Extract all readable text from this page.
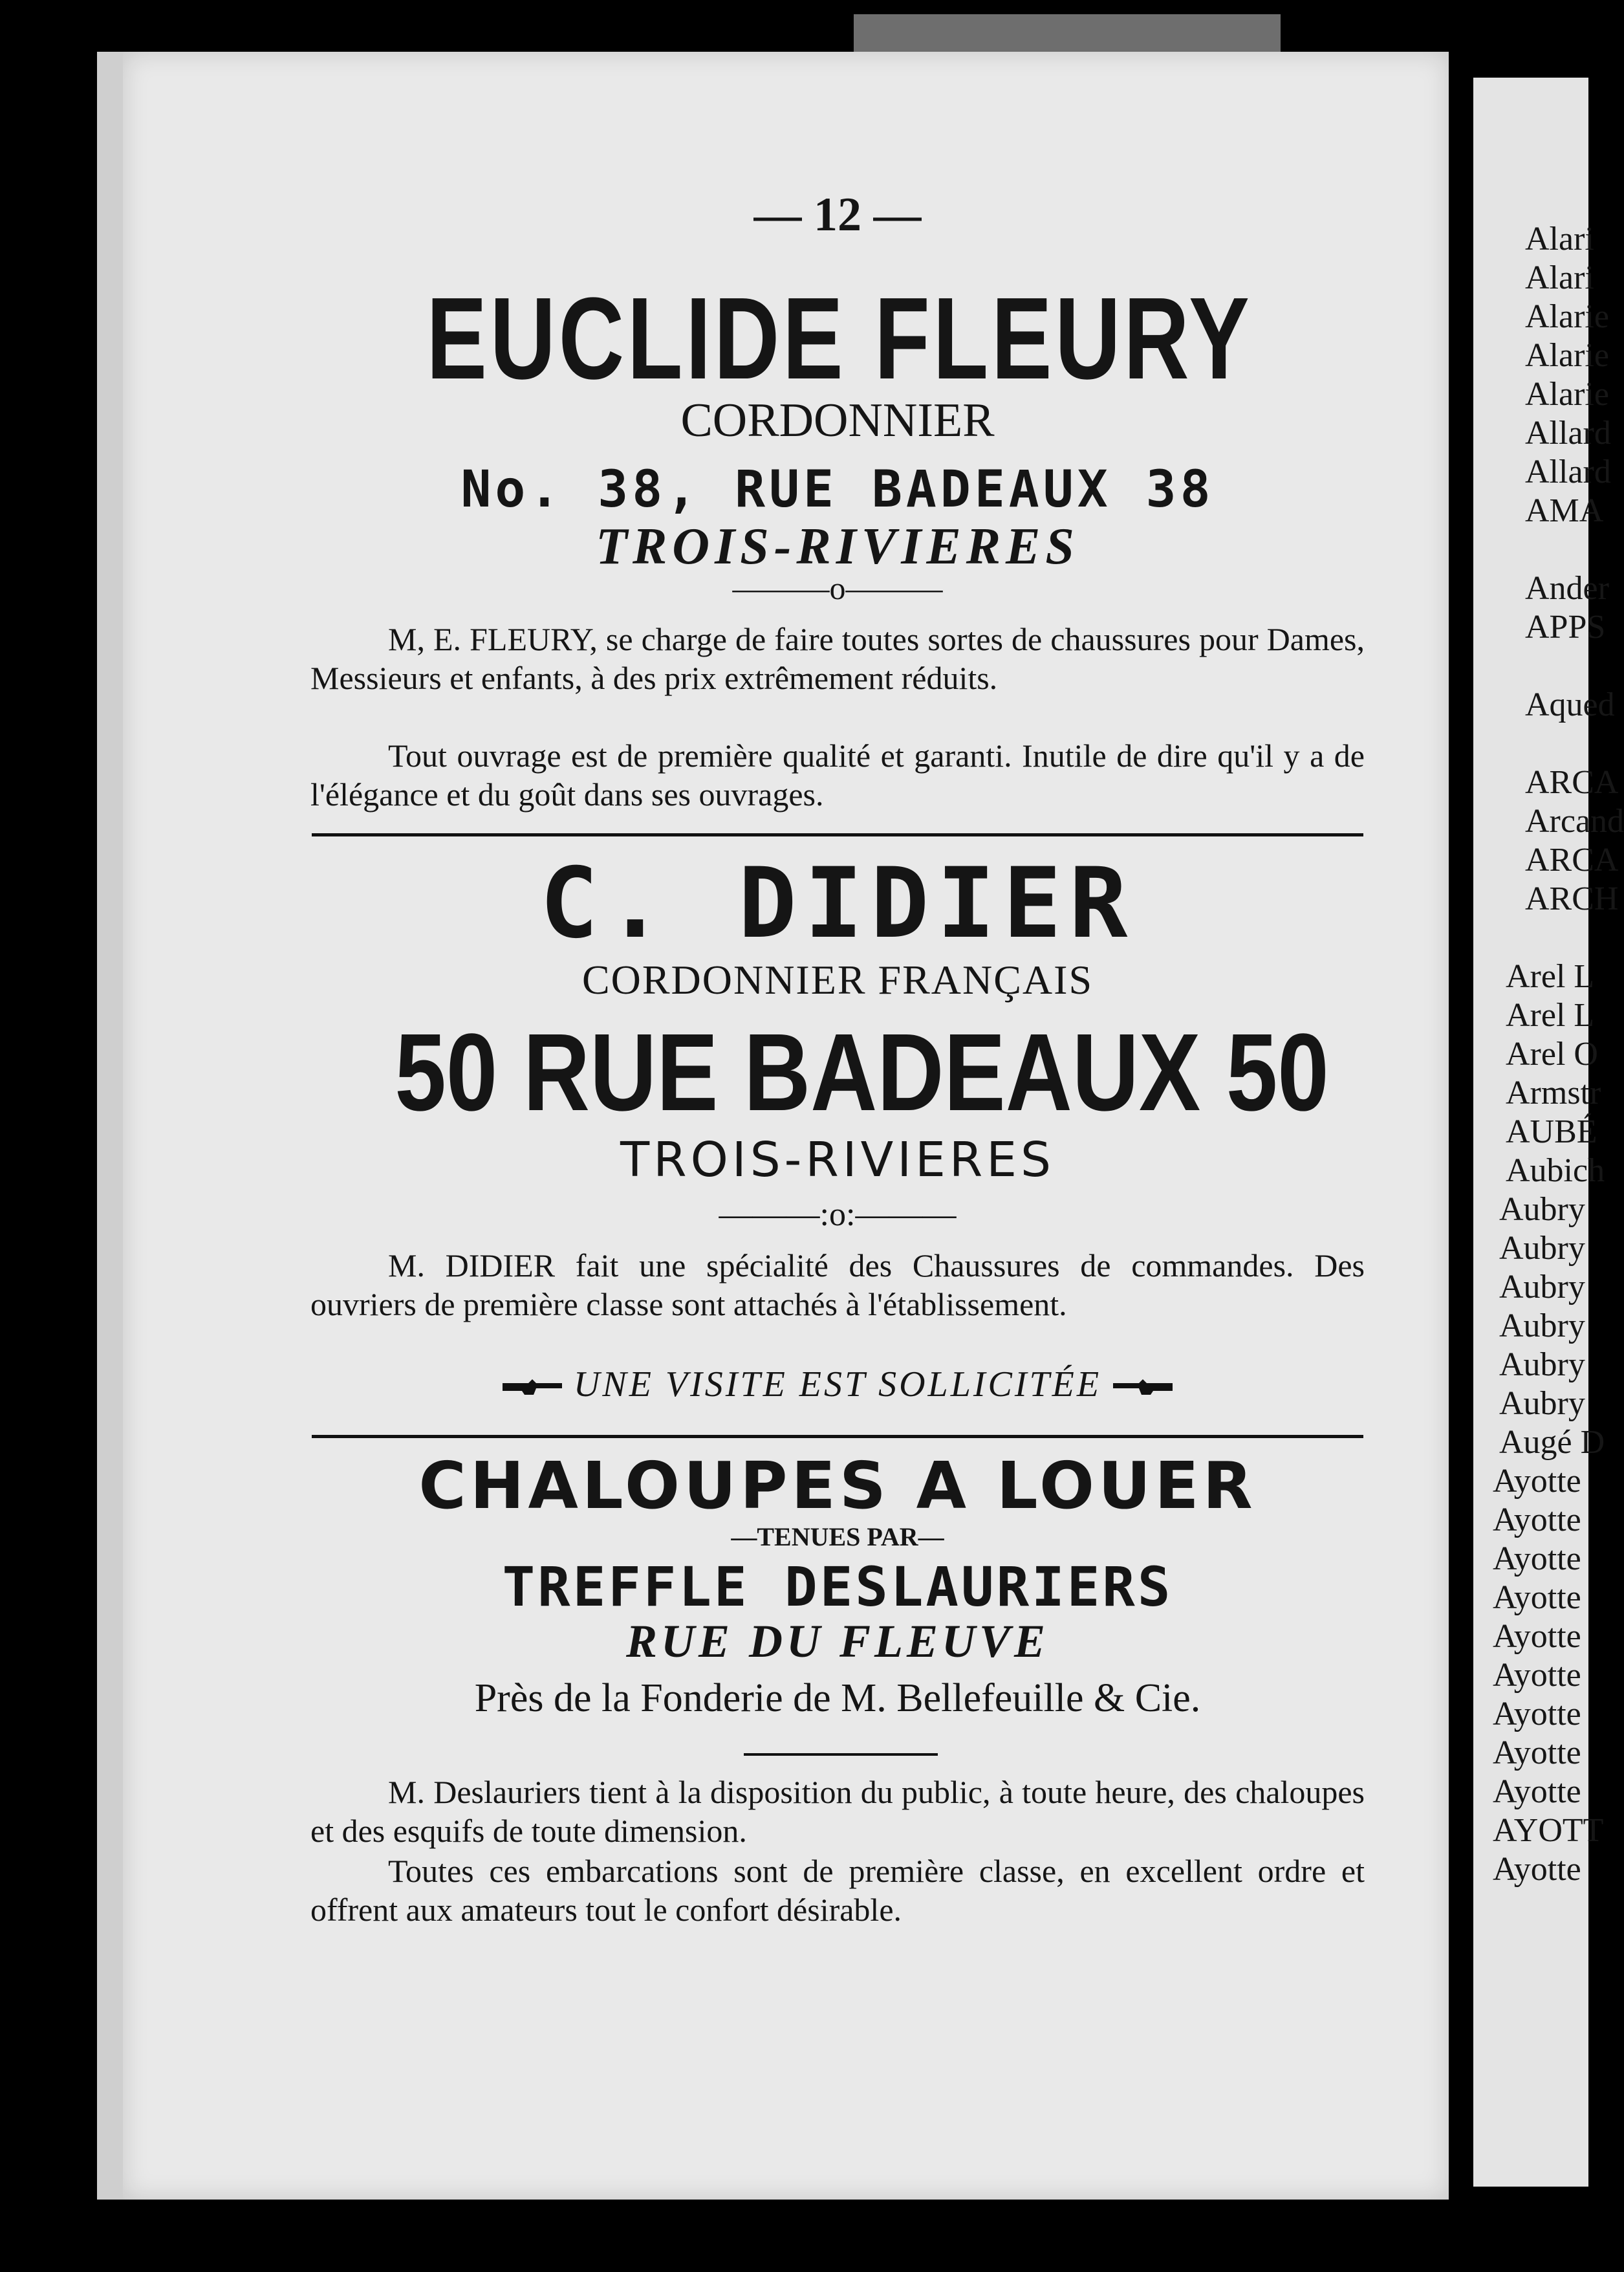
— 12 —
EUCLIDE FLEURY
CORDONNIER
No. 38, RUE BADEAUX 38
TROIS-RIVIERES
———o———
M, E. FLEURY, se charge de faire toutes sortes de chaussures pour Dames, Messieurs et enfants, à des prix extrêmement réduits.
Tout ouvrage est de première qualité et garanti. Inutile de dire qu'il y a de l'élégance et du goût dans ses ouvrages.
C. DIDIER
CORDONNIER FRANÇAIS
50 RUE BADEAUX 50
TROIS-RIVIERES
———:o:———
M. DIDIER fait une spécialité des Chaussures de commandes. Des ouvriers de première classe sont attachés à l'établissement.
UNE VISITE EST SOLLICITÉE
CHALOUPES A LOUER
—TENUES PAR—
TREFFLE DESLAURIERS
RUE DU FLEUVE
Près de la Fonderie de M. Bellefeuille & Cie.
M. Deslauriers tient à la disposition du public, à toute heure, des chaloupes et des esquifs de toute dimension.
Toutes ces embarcations sont de première classe, en excellent ordre et offrent aux amateurs tout le confort désirable.
Alari
Alari
Alarie
Alarie
Alarie
Allard
Allard
AMA
Ander
APPS
Aqued
ARCA
Arcand
ARCA
ARCH
Arel L
Arel L
Arel O
Armstr
AUBÉ
Aubich
Aubry
Aubry
Aubry
Aubry
Aubry
Aubry
Augé D
Ayotte
Ayotte
Ayotte
Ayotte
Ayotte
Ayotte
Ayotte
Ayotte
Ayotte
AYOTT
Ayotte
